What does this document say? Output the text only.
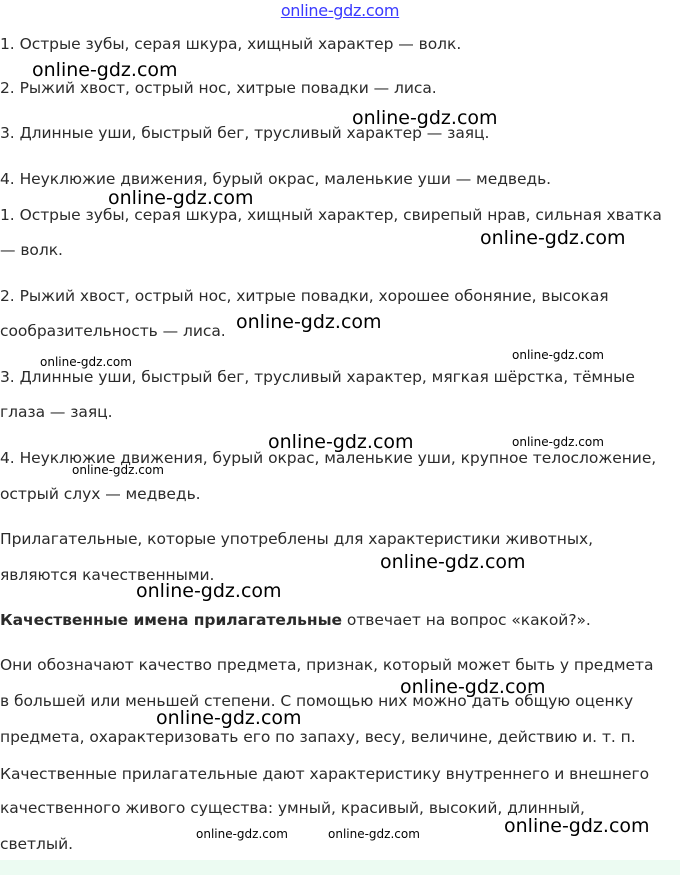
online-gdz.com
1. Острые зубы, серая шкура, хищный характер — волк.
2. Рыжий хвост, острый нос, хитрые повадки — лиса.
3. Длинные уши, быстрый бег, трусливый характер — заяц.
4. Неуклюжие движения, бурый окрас, маленькие уши — медведь.
1. Острые зубы, серая шкура, хищный характер, свирепый нрав, сильная хватка
— волк.
2. Рыжий хвост, острый нос, хитрые повадки, хорошее обоняние, высокая
сообразительность — лиса.
3. Длинные уши, быстрый бег, трусливый характер, мягкая шёрстка, тёмные
глаза — заяц.
4. Неуклюжие движения, бурый окрас, маленькие уши, крупное телосложение,
острый слух — медведь.
Прилагательные, которые употреблены для характеристики животных,
являются качественными.
Качественные имена прилагательные отвечает на вопрос «какой?».
Они обозначают качество предмета, признак, который может быть у предмета
в большей или меньшей степени. С помощью них можно дать общую оценку
предмета, охарактеризовать его по запаху, весу, величине, действию и. т. п.
Качественные прилагательные дают характеристику внутреннего и внешнего
качественного живого существа: умный, красивый, высокий, длинный,
светлый.
online-gdz.com
online-gdz.com
online-gdz.com
online-gdz.com
online-gdz.com
online-gdz.com	online-gdz.com
online-gdz.com	online-gdz.com
online-gdz.com
online-gdz.com
online-gdz.com
online-gdz.com
online-gdz.com
online-gdz.com
online-gdz.com	online-gdz.com
